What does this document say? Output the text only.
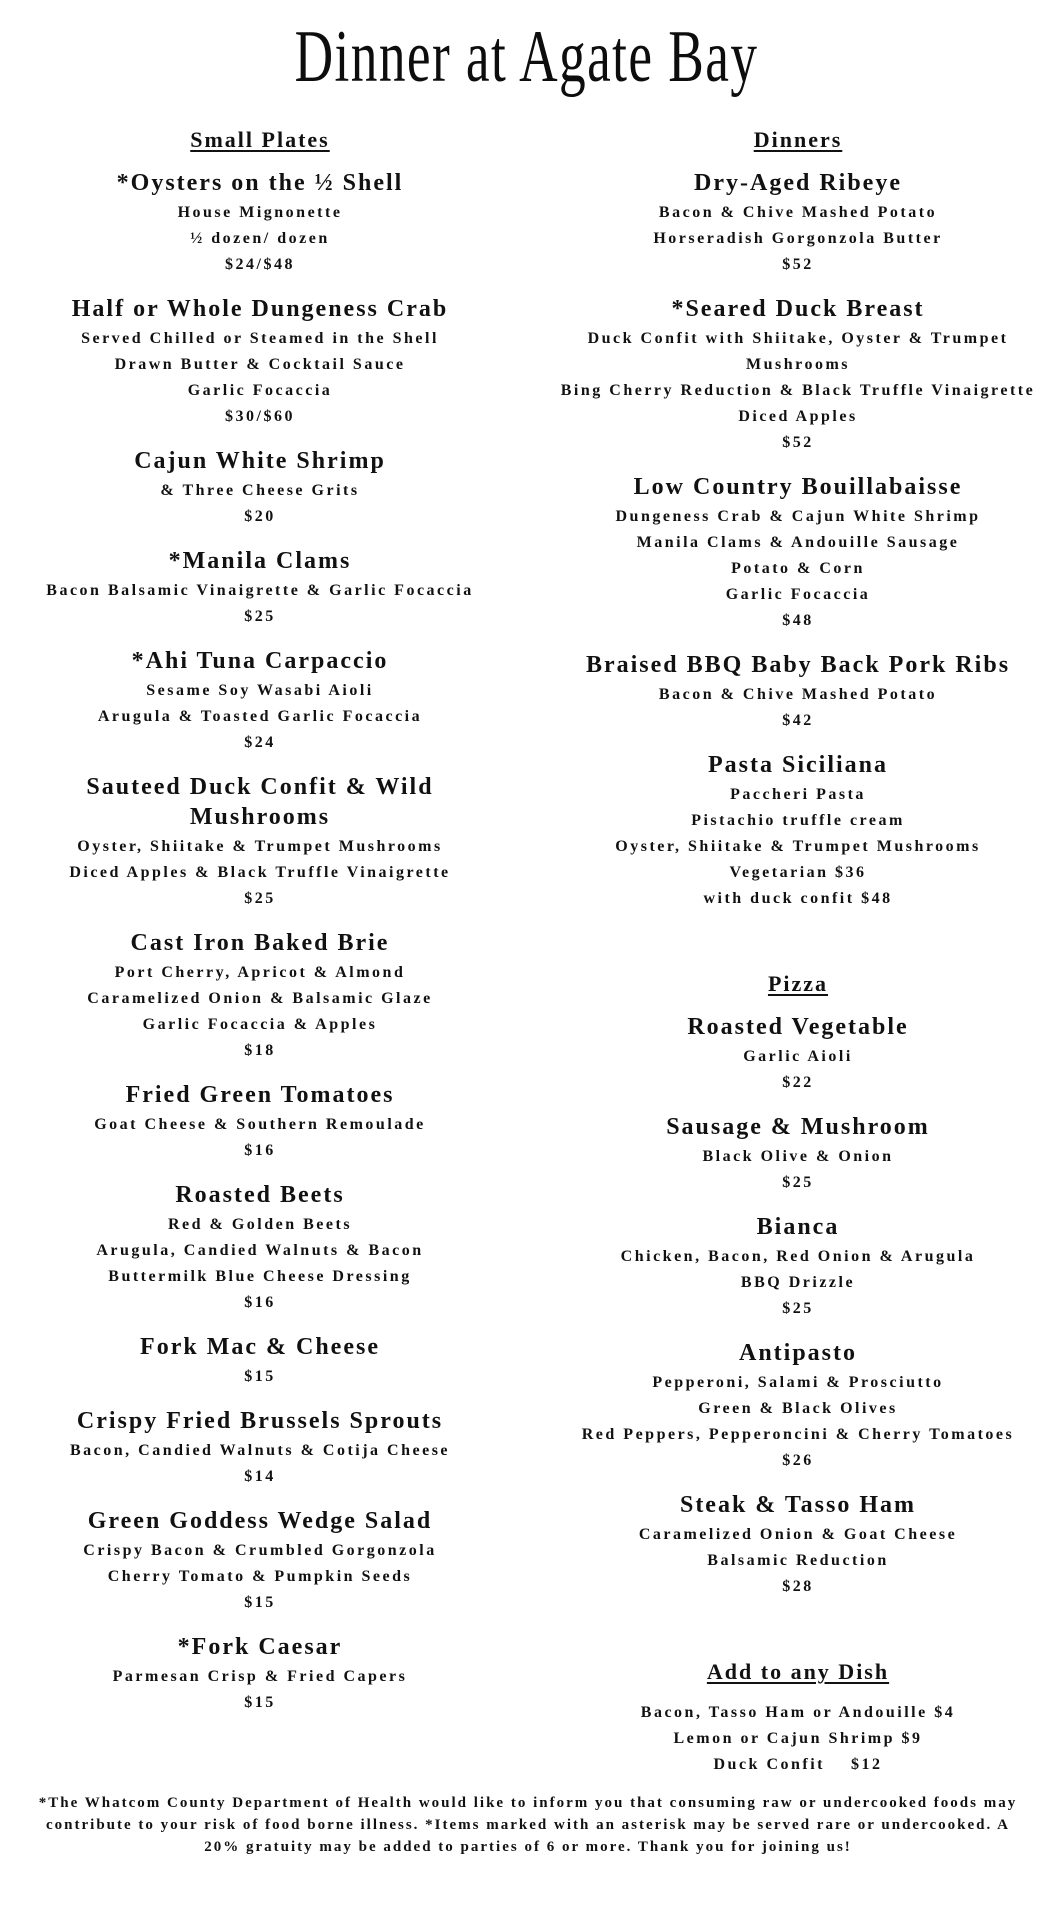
Dinner at Agate Bay
Small Plates
*Oysters on the ½ Shell
House Mignonette
½ dozen/ dozen
$24/$48
Half or Whole Dungeness Crab
Served Chilled or Steamed in the Shell
Drawn Butter & Cocktail Sauce
Garlic Focaccia
$30/$60
Cajun White Shrimp
& Three Cheese Grits
$20
*Manila Clams
Bacon Balsamic Vinaigrette & Garlic Focaccia
$25
*Ahi Tuna Carpaccio
Sesame Soy Wasabi Aioli
Arugula & Toasted Garlic Focaccia
$24
Sauteed Duck Confit & Wild Mushrooms
Oyster, Shiitake & Trumpet Mushrooms
Diced Apples & Black Truffle Vinaigrette
$25
Cast Iron Baked Brie
Port Cherry, Apricot & Almond
Caramelized Onion & Balsamic Glaze
Garlic Focaccia & Apples
$18
Fried Green Tomatoes
Goat Cheese & Southern Remoulade
$16
Roasted Beets
Red & Golden Beets
Arugula, Candied Walnuts & Bacon
Buttermilk Blue Cheese Dressing
$16
Fork Mac & Cheese
$15
Crispy Fried Brussels Sprouts
Bacon, Candied Walnuts & Cotija Cheese
$14
Green Goddess Wedge Salad
Crispy Bacon & Crumbled Gorgonzola
Cherry Tomato & Pumpkin Seeds
$15
*Fork Caesar
Parmesan Crisp & Fried Capers
$15
Dinners
Dry-Aged Ribeye
Bacon & Chive Mashed Potato
Horseradish Gorgonzola Butter
$52
*Seared Duck Breast
Duck Confit with Shiitake, Oyster & Trumpet Mushrooms
Bing Cherry Reduction & Black Truffle Vinaigrette
Diced Apples
$52
Low Country Bouillabaisse
Dungeness Crab & Cajun White Shrimp
Manila Clams & Andouille Sausage
Potato & Corn
Garlic Focaccia
$48
Braised BBQ Baby Back Pork Ribs
Bacon & Chive Mashed Potato
$42
Pasta Siciliana
Paccheri Pasta
Pistachio truffle cream
Oyster, Shiitake & Trumpet Mushrooms
Vegetarian $36
with duck confit $48
Pizza
Roasted Vegetable
Garlic Aioli
$22
Sausage & Mushroom
Black Olive & Onion
$25
Bianca
Chicken, Bacon, Red Onion & Arugula
BBQ Drizzle
$25
Antipasto
Pepperoni, Salami & Prosciutto
Green & Black Olives
Red Peppers, Pepperoncini & Cherry Tomatoes
$26
Steak & Tasso Ham
Caramelized Onion & Goat Cheese
Balsamic Reduction
$28
Add to any Dish
Bacon, Tasso Ham or Andouille $4
Lemon or Cajun Shrimp $9
Duck Confit    $12
*The Whatcom County Department of Health would like to inform you that consuming raw or undercooked foods may contribute to your risk of food borne illness. *Items marked with an asterisk may be served rare or undercooked. A 20% gratuity may be added to parties of 6 or more. Thank you for joining us!
